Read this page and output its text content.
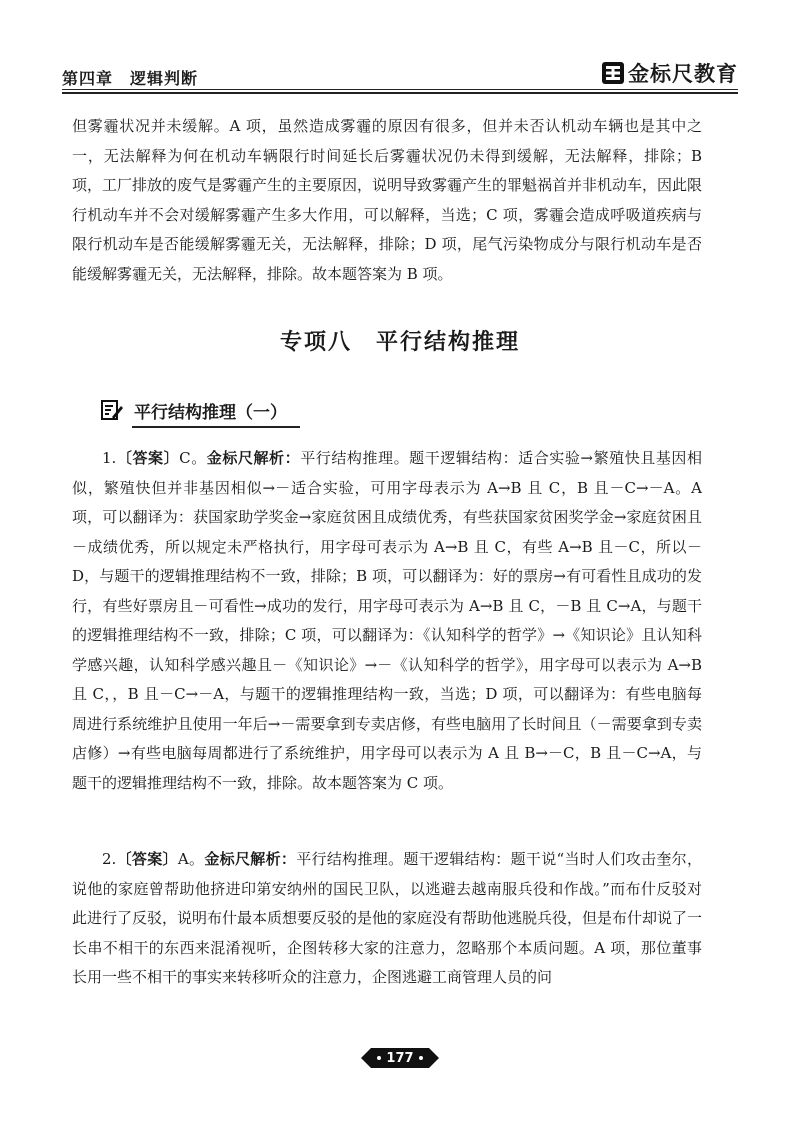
第四章　逻辑判断	金标尺教育

但雾霾状况并未缓解。A 项，虽然造成雾霾的原因有很多，但并未否认机动车辆也是其中之一，无法解释为何在机动车辆限行时间延长后雾霾状况仍未得到缓解，无法解释，排除；B 项，工厂排放的废气是雾霾产生的主要原因，说明导致雾霾产生的罪魁祸首并非机动车，因此限行机动车并不会对缓解雾霾产生多大作用，可以解释，当选；C 项，雾霾会造成呼吸道疾病与限行机动车是否能缓解雾霾无关，无法解释，排除；D 项，尾气污染物成分与限行机动车是否能缓解雾霾无关，无法解释，排除。故本题答案为 B 项。

专项八　平行结构推理
平行结构推理（一）

1.〔答案〕C。金标尺解析：平行结构推理。题干逻辑结构：适合实验→繁殖快且基因相似，繁殖快但并非基因相似→－适合实验，可用字母表示为 A→B 且 C，B 且－C→－A。A 项，可以翻译为：获国家助学奖金→家庭贫困且成绩优秀，有些获国家贫困奖学金→家庭贫困且－成绩优秀，所以规定未严格执行，用字母可表示为 A→B 且 C，有些 A→B 且－C，所以－D，与题干的逻辑推理结构不一致，排除；B 项，可以翻译为：好的票房→有可看性且成功的发行，有些好票房且－可看性→成功的发行，用字母可表示为 A→B 且 C，－B 且 C→A，与题干的逻辑推理结构不一致，排除；C 项，可以翻译为：《认知科学的哲学》→《知识论》且认知科学感兴趣，认知科学感兴趣且－《知识论》→－《认知科学的哲学》，用字母可以表示为 A→B 且 C，，B 且－C→－A，与题干的逻辑推理结构一致，当选；D 项，可以翻译为：有些电脑每周进行系统维护且使用一年后→－需要拿到专卖店修，有些电脑用了长时间且（－需要拿到专卖店修）→有些电脑每周都进行了系统维护，用字母可以表示为 A 且 B→－C，B 且－C→A，与题干的逻辑推理结构不一致，排除。故本题答案为 C 项。

2.〔答案〕A。金标尺解析：平行结构推理。题干逻辑结构：题干说“当时人们攻击奎尔，说他的家庭曾帮助他挤进印第安纳州的国民卫队，以逃避去越南服兵役和作战。”而布什反驳对此进行了反驳，说明布什最本质想要反驳的是他的家庭没有帮助他逃脱兵役，但是布什却说了一长串不相干的东西来混淆视听，企图转移大家的注意力，忽略那个本质问题。A 项，那位董事长用一些不相干的事实来转移听众的注意力，企图逃避工商管理人员的问

177
